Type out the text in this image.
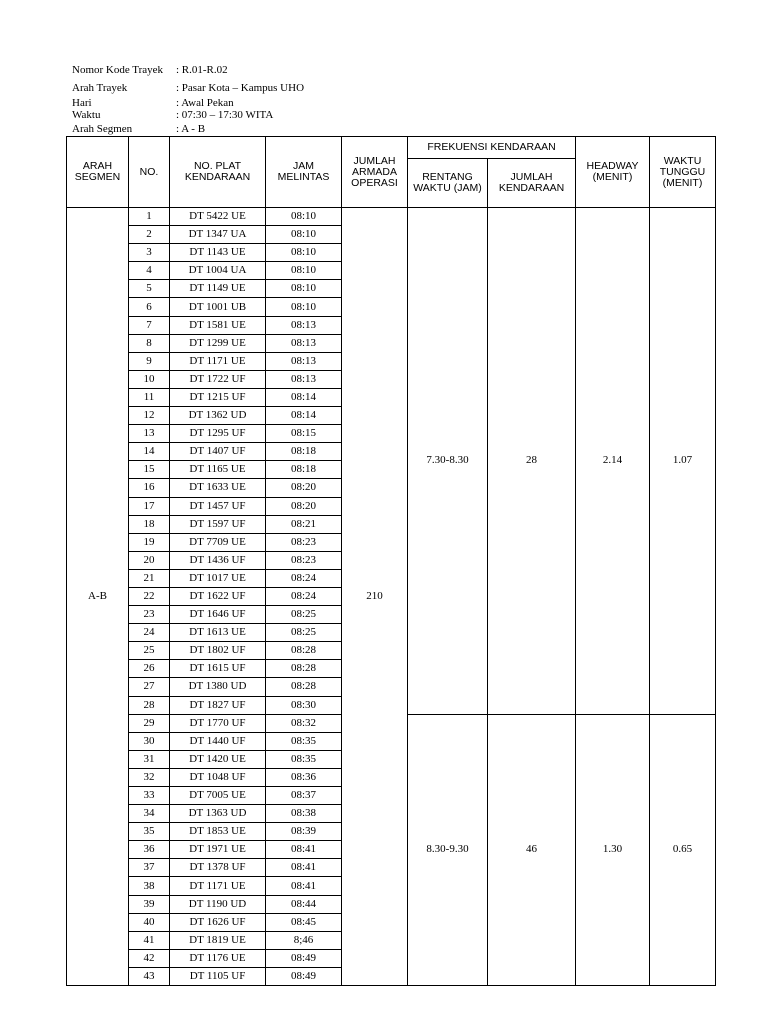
Nomor Kode Trayek : R.01-R.02
Arah Trayek	: Pasar Kota – Kampus UHO
Hari	: Awal Pekan
Waktu	: 07:30 – 17:30 WITA
Arah Segmen	: A - B
ARAH SEGMEN	NO.	NO. PLAT KENDARAAN	JAM MELINTAS	JUMLAH ARMADA OPERASI	FREKUENSI KENDARAAN		HEADWAY (MENIT)	WAKTU TUNGGU (MENIT)
					RENTANG WAKTU (JAM)	JUMLAH KENDARAAN		
A-B	1	DT 5422 UE	08:10	210	7.30-8.30	28	2.14	1.07
	2	DT 1347 UA	08:10					
	3	DT 1143 UE	08:10					
	4	DT 1004 UA	08:10					
	5	DT 1149 UE	08:10					
	6	DT 1001 UB	08:10					
	7	DT 1581 UE	08:13					
	8	DT 1299 UE	08:13					
	9	DT 1171 UE	08:13					
	10	DT 1722 UF	08:13					
	11	DT 1215 UF	08:14					
	12	DT 1362 UD	08:14					
	13	DT 1295 UF	08:15					
	14	DT 1407 UF	08:18					
	15	DT 1165 UE	08:18					
	16	DT 1633 UE	08:20					
	17	DT 1457 UF	08:20					
	18	DT 1597 UF	08:21					
	19	DT 7709 UE	08:23					
	20	DT 1436 UF	08:23					
	21	DT 1017 UE	08:24					
	22	DT 1622 UF	08:24					
	23	DT 1646 UF	08:25					
	24	DT 1613 UE	08:25					
	25	DT 1802 UF	08:28					
	26	DT 1615 UF	08:28					
	27	DT 1380 UD	08:28					
	28	DT 1827 UF	08:30					
	29	DT 1770 UF	08:32		8.30-9.30	46	1.30	0.65
	30	DT 1440 UF	08:35					
	31	DT 1420 UE	08:35					
	32	DT 1048 UF	08:36					
	33	DT 7005 UE	08:37					
	34	DT 1363 UD	08:38					
	35	DT 1853 UE	08:39					
	36	DT 1971 UE	08:41					
	37	DT 1378 UF	08:41					
	38	DT 1171 UE	08:41					
	39	DT 1190 UD	08:44					
	40	DT 1626 UF	08:45					
	41	DT 1819 UE	8;46					
	42	DT 1176 UE	08:49					
	43	DT 1105 UF	08:49					
